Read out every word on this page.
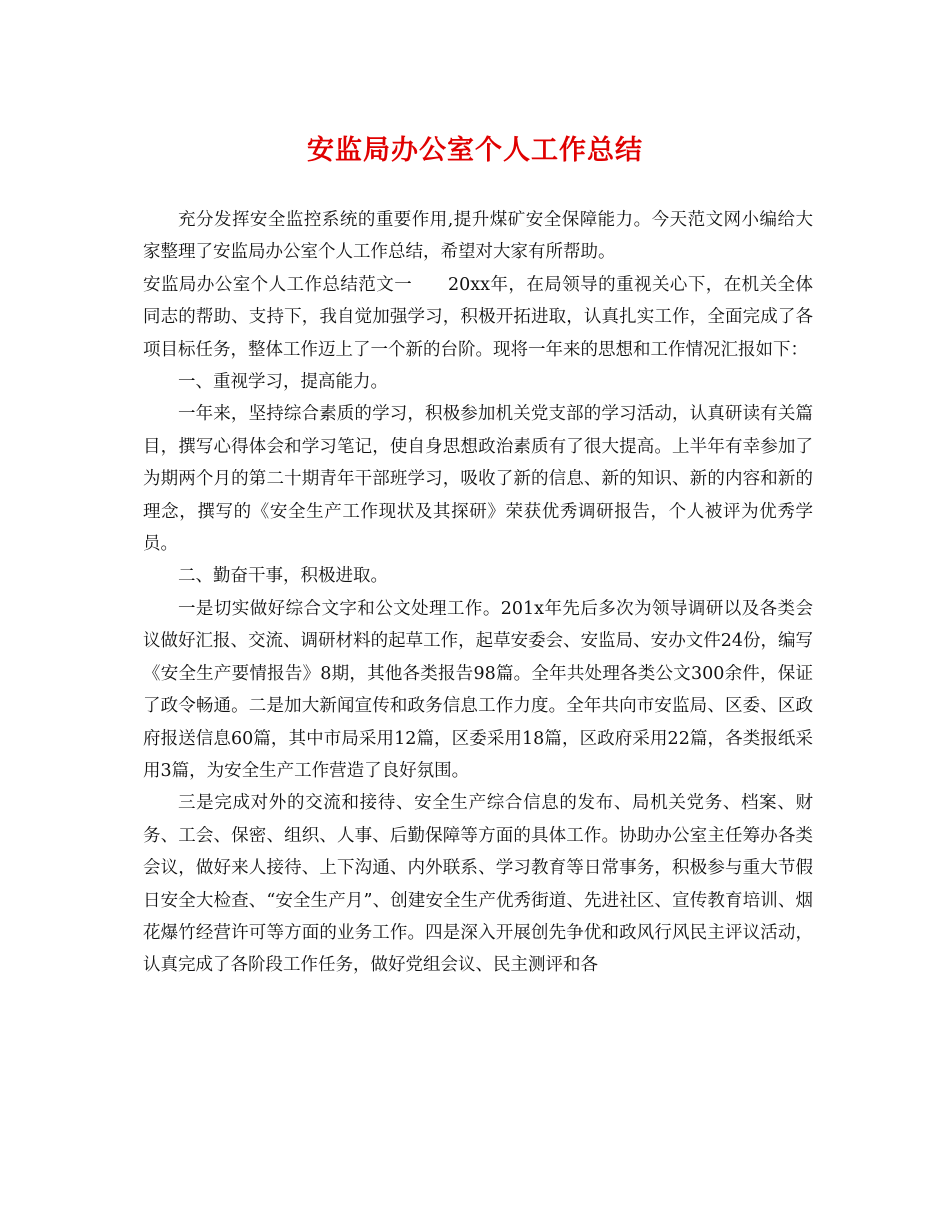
安监局办公室个人工作总结

充分发挥安全监控系统的重要作用,提升煤矿安全保障能力。今天范文网小编给大家整理了安监局办公室个人工作总结，希望对大家有所帮助。

安监局办公室个人工作总结范文一　　20xx年，在局领导的重视关心下，在机关全体同志的帮助、支持下，我自觉加强学习，积极开拓进取，认真扎实工作，全面完成了各项目标任务，整体工作迈上了一个新的台阶。现将一年来的思想和工作情况汇报如下：

一、重视学习，提高能力。

一年来，坚持综合素质的学习，积极参加机关党支部的学习活动，认真研读有关篇目，撰写心得体会和学习笔记，使自身思想政治素质有了很大提高。上半年有幸参加了为期两个月的第二十期青年干部班学习，吸收了新的信息、新的知识、新的内容和新的理念，撰写的《安全生产工作现状及其探研》荣获优秀调研报告，个人被评为优秀学员。

二、勤奋干事，积极进取。

一是切实做好综合文字和公文处理工作。201x年先后多次为领导调研以及各类会议做好汇报、交流、调研材料的起草工作，起草安委会、安监局、安办文件24份，编写《安全生产要情报告》8期，其他各类报告98篇。全年共处理各类公文300余件，保证了政令畅通。二是加大新闻宣传和政务信息工作力度。全年共向市安监局、区委、区政府报送信息60篇，其中市局采用12篇，区委采用18篇，区政府采用22篇，各类报纸采用3篇，为安全生产工作营造了良好氛围。

三是完成对外的交流和接待、安全生产综合信息的发布、局机关党务、档案、财务、工会、保密、组织、人事、后勤保障等方面的具体工作。协助办公室主任筹办各类会议，做好来人接待、上下沟通、内外联系、学习教育等日常事务，积极参与重大节假日安全大检查、“安全生产月”、创建安全生产优秀街道、先进社区、宣传教育培训、烟花爆竹经营许可等方面的业务工作。四是深入开展创先争优和政风行风民主评议活动，认真完成了各阶段工作任务，做好党组会议、民主测评和各
